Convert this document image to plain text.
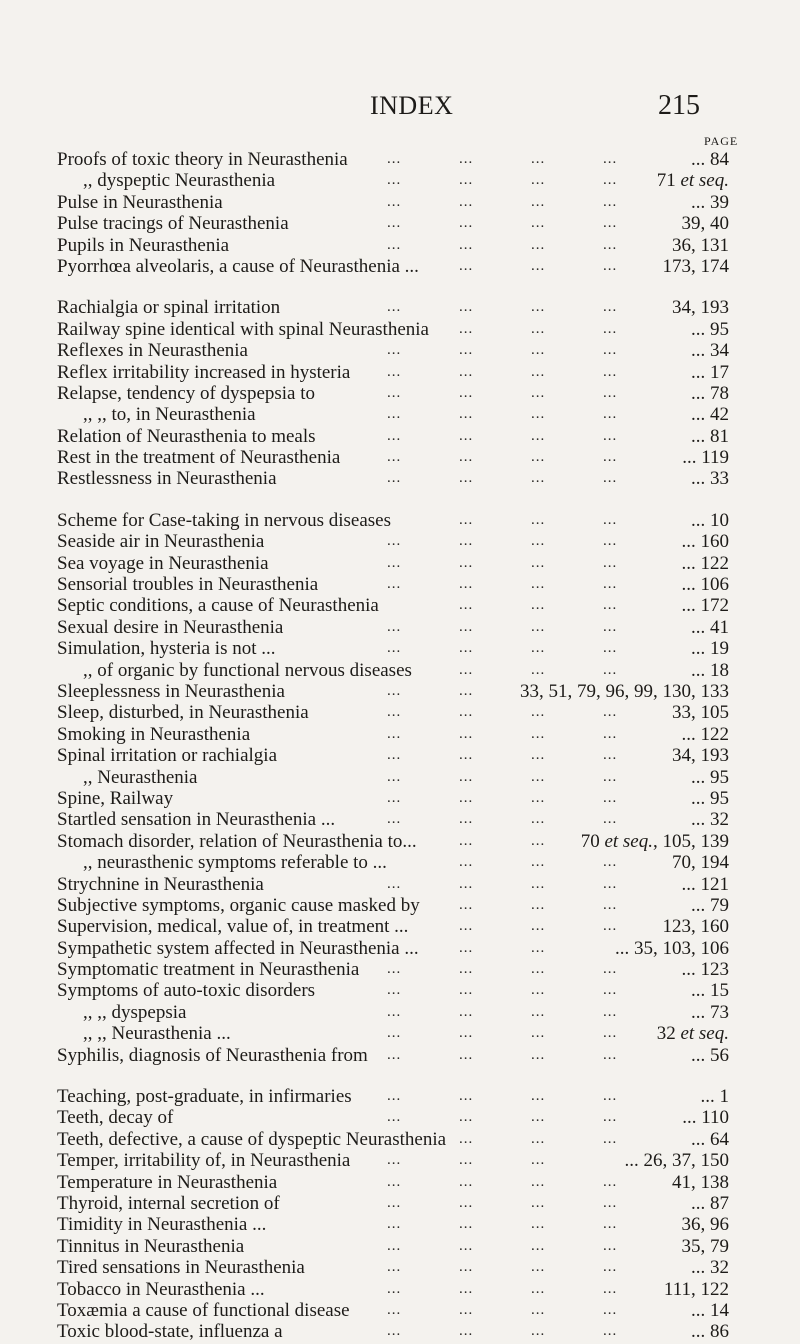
INDEX	215
PAGE
Proofs of toxic theory in Neurasthenia	... 84
...	...	...	...
,, dyspeptic Neurasthenia	71 et seq.
...	...	...	...
Pulse in Neurasthenia	... 39
...	...	...	...
Pulse tracings of Neurasthenia	39, 40
...	...	...	...
Pupils in Neurasthenia	36, 131
...	...	...	...
Pyorrhœa alveolaris, a cause of Neurasthenia ...	173, 174
...	...	...
Rachialgia or spinal irritation	34, 193
...	...	...	...
Railway spine identical with spinal Neurasthenia	... 95
...	...	...
Reflexes in Neurasthenia	... 34
...	...	...	...
Reflex irritability increased in hysteria	... 17
...	...	...	...
Relapse, tendency of dyspepsia to	... 78
...	...	...	...
,, ,, to, in Neurasthenia	... 42
...	...	...	...
Relation of Neurasthenia to meals	... 81
...	...	...	...
Rest in the treatment of Neurasthenia	... 119
...	...	...	...
Restlessness in Neurasthenia	... 33
...	...	...	...
Scheme for Case-taking in nervous diseases	... 10
...	...	...
Seaside air in Neurasthenia	... 160
...	...	...	...
Sea voyage in Neurasthenia	... 122
...	...	...	...
Sensorial troubles in Neurasthenia	... 106
...	...	...	...
Septic conditions, a cause of Neurasthenia	... 172
...	...	...
Sexual desire in Neurasthenia	... 41
...	...	...	...
Simulation, hysteria is not ...	... 19
...	...	...	...
,, of organic by functional nervous diseases	... 18
...	...	...
Sleeplessness in Neurasthenia	33, 51, 79, 96, 99, 130, 133
...	...
Sleep, disturbed, in Neurasthenia	33, 105
...	...	...	...
Smoking in Neurasthenia	... 122
...	...	...	...
Spinal irritation or rachialgia	34, 193
...	...	...	...
,, Neurasthenia	... 95
...	...	...	...
Spine, Railway	... 95
...	...	...	...
Startled sensation in Neurasthenia ...	... 32
...	...	...	...
Stomach disorder, relation of Neurasthenia to...	70 et seq., 105, 139
...	...
,, neurasthenic symptoms referable to ...	70, 194
...	...	...
Strychnine in Neurasthenia	... 121
...	...	...	...
Subjective symptoms, organic cause masked by	... 79
...	...	...
Supervision, medical, value of, in treatment ...	123, 160
...	...	...
Sympathetic system affected in Neurasthenia ...	... 35, 103, 106
...	...
Symptomatic treatment in Neurasthenia	... 123
...	...	...	...
Symptoms of auto-toxic disorders	... 15
...	...	...	...
,, ,, dyspepsia	... 73
...	...	...	...
,, ,, Neurasthenia ...	32 et seq.
...	...	...	...
Syphilis, diagnosis of Neurasthenia from	... 56
...	...	...	...
Teaching, post-graduate, in infirmaries	... 1
...	...	...	...
Teeth, decay of	... 110
...	...	...	...
Teeth, defective, a cause of dyspeptic Neurasthenia	... 64
...	...	...
Temper, irritability of, in Neurasthenia	... 26, 37, 150
...	...	...
Temperature in Neurasthenia	41, 138
...	...	...	...
Thyroid, internal secretion of	... 87
...	...	...	...
Timidity in Neurasthenia ...	36, 96
...	...	...	...
Tinnitus in Neurasthenia	35, 79
...	...	...	...
Tired sensations in Neurasthenia	... 32
...	...	...	...
Tobacco in Neurasthenia ...	111, 122
...	...	...	...
Toxæmia a cause of functional disease	... 14
...	...	...	...
Toxic blood-state, influenza a	... 86
...	...	...	...
